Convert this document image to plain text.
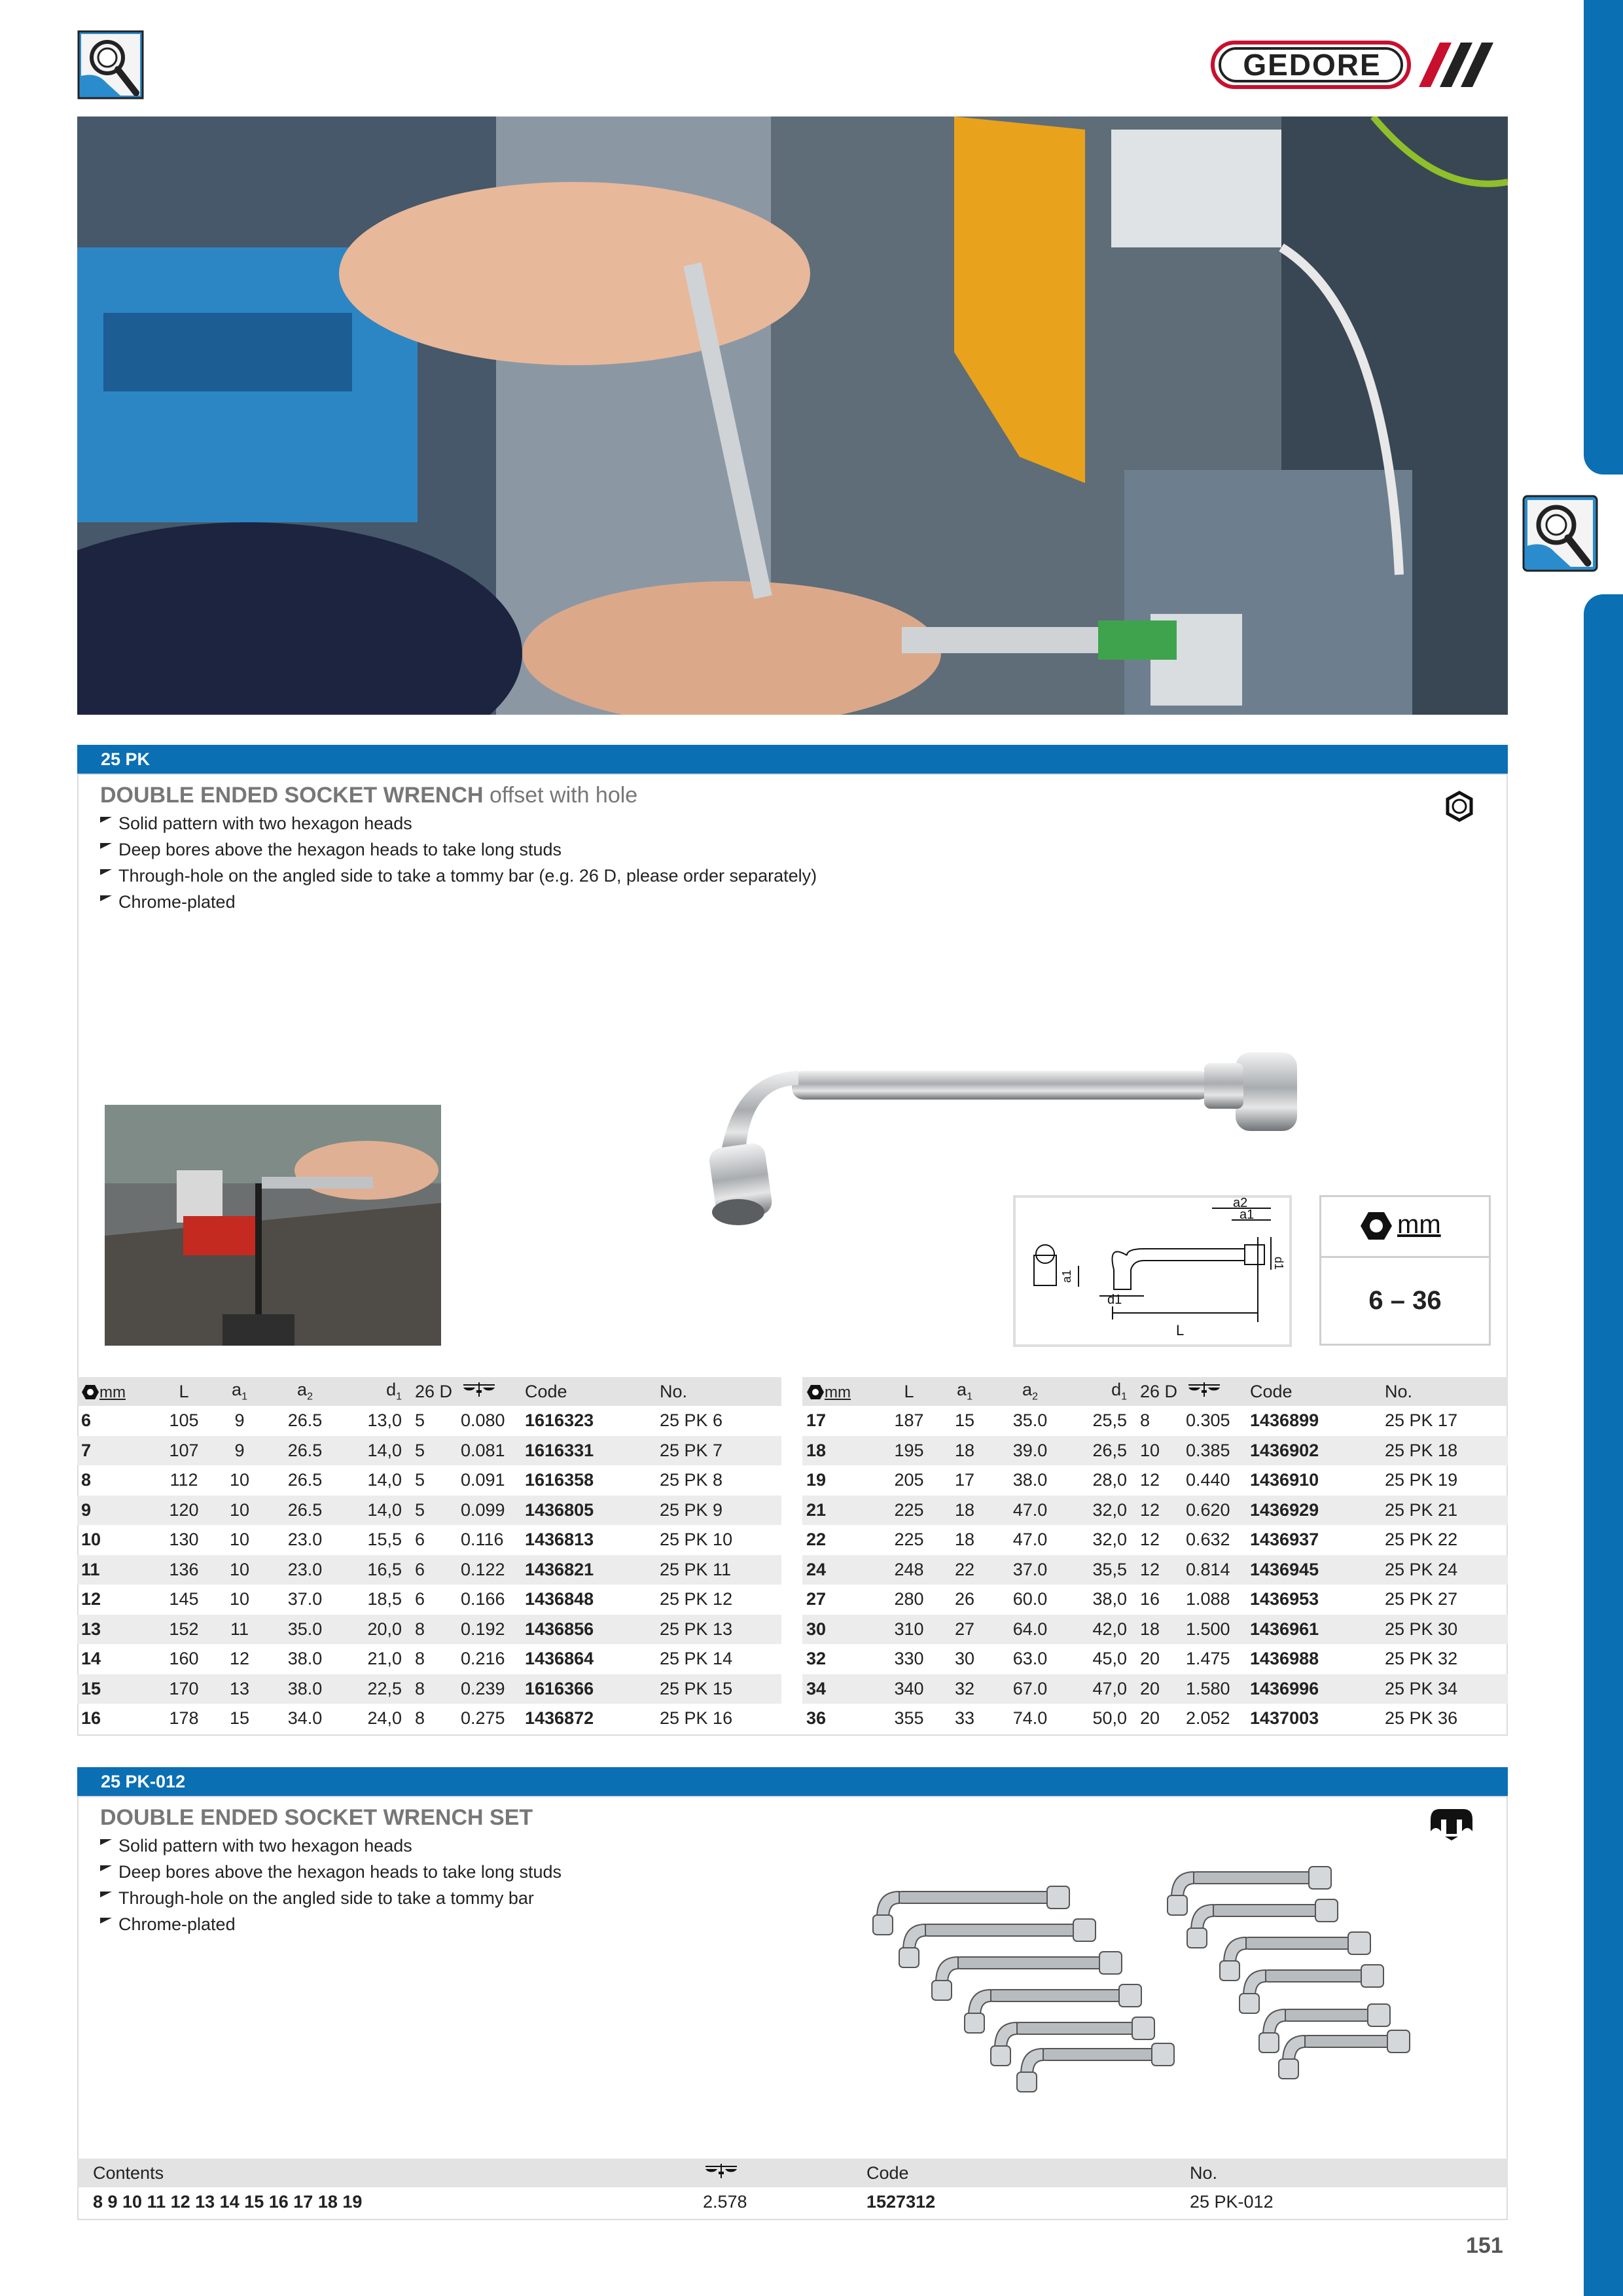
GEDORE
25 PK
DOUBLE ENDED SOCKET WRENCH offset with hole
Solid pattern with two hexagon heads
Deep bores above the hexagon heads to take long studs
Through-hole on the angled side to take a tommy bar (e.g. 26 D, please order separately)
Chrome-plated
L
d1
a2
a1
d1
a1
mm
6 – 36
mm	L	$a_1$	$a_2$	$d_1$	26 D		Code	No.
6	105	9	26.5	13,0	5	0.080	1616323	25 PK 6
7	107	9	26.5	14,0	5	0.081	1616331	25 PK 7
8	112	10	26.5	14,0	5	0.091	1616358	25 PK 8
9	120	10	26.5	14,0	5	0.099	1436805	25 PK 9
10	130	10	23.0	15,5	6	0.116	1436813	25 PK 10
11	136	10	23.0	16,5	6	0.122	1436821	25 PK 11
12	145	10	37.0	18,5	6	0.166	1436848	25 PK 12
13	152	11	35.0	20,0	8	0.192	1436856	25 PK 13
14	160	12	38.0	21,0	8	0.216	1436864	25 PK 14
15	170	13	38.0	22,5	8	0.239	1616366	25 PK 15
16	178	15	34.0	24,0	8	0.275	1436872	25 PK 16
mm	L	$a_1$	$a_2$	$d_1$	26 D		Code	No.
17	187	15	35.0	25,5	8	0.305	1436899	25 PK 17
18	195	18	39.0	26,5	10	0.385	1436902	25 PK 18
19	205	17	38.0	28,0	12	0.440	1436910	25 PK 19
21	225	18	47.0	32,0	12	0.620	1436929	25 PK 21
22	225	18	47.0	32,0	12	0.632	1436937	25 PK 22
24	248	22	37.0	35,5	12	0.814	1436945	25 PK 24
27	280	26	60.0	38,0	16	1.088	1436953	25 PK 27
30	310	27	64.0	42,0	18	1.500	1436961	25 PK 30
32	330	30	63.0	45,0	20	1.475	1436988	25 PK 32
34	340	32	67.0	47,0	20	1.580	1436996	25 PK 34
36	355	33	74.0	50,0	20	2.052	1437003	25 PK 36
25 PK-012
DOUBLE ENDED SOCKET WRENCH SET
Solid pattern with two hexagon heads
Deep bores above the hexagon heads to take long studs
Through-hole on the angled side to take a tommy bar
Chrome-plated
Contents		Code	No.
8 9 10 11 12 13 14 15 16 17 18 19	2.578	1527312	25 PK-012
151
